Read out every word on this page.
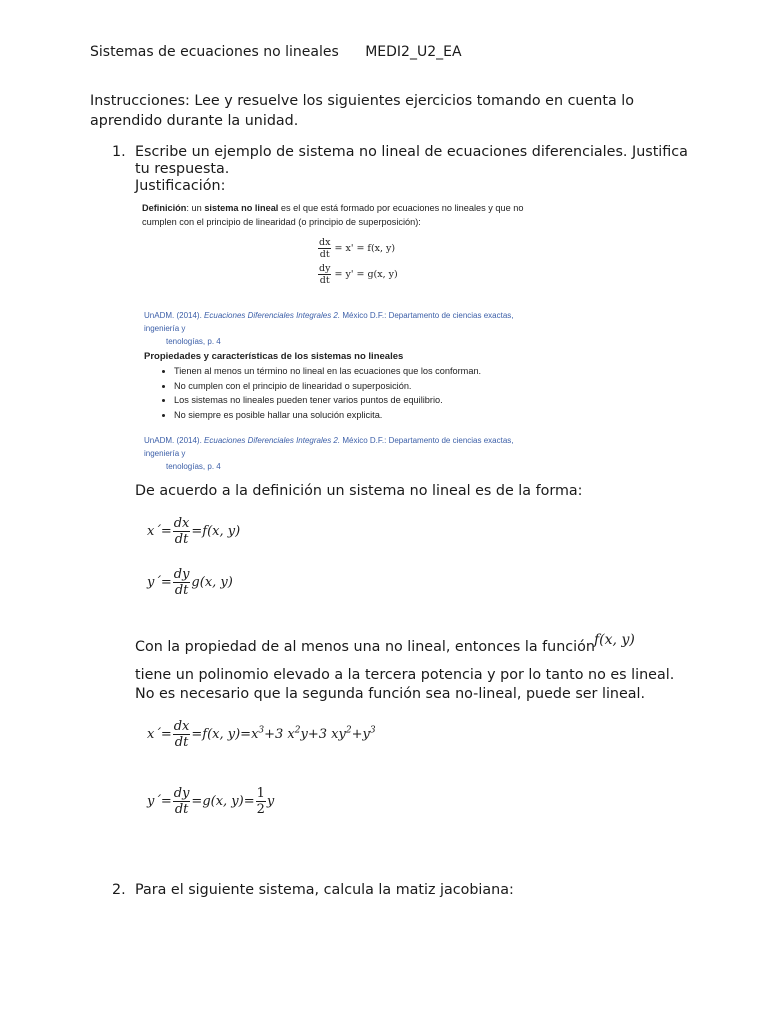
Sistemas de ecuaciones no lineales MEDI2_U2_EA
Instrucciones: Lee y resuelve los siguientes ejercicios tomando en cuenta lo aprendido durante la unidad.
1. Escribe un ejemplo de sistema no lineal de ecuaciones diferenciales. Justifica
tu respuesta.
Justificación:
Definición: un sistema no lineal es el que está formado por ecuaciones no lineales y que no cumplen con el principio de linearidad (o principio de superposición):
$\frac{dx}{dt} = x' = f(x$, y)
$\frac{dy}{dt} = y' = g(x$, y)
UnADM. (2014). Ecuaciones Diferenciales Integrales 2. México D.F.: Departamento de ciencias exactas, ingeniería y
tenologías, p. 4
Propiedades y características de los sistemas no lineales
• Tienen al menos un término no lineal en las ecuaciones que los conforman.
• No cumplen con el principio de linearidad o superposición.
• Los sistemas no lineales pueden tener varios puntos de equilibrio.
• No siempre es posible hallar una solución explicita.
UnADM. (2014). Ecuaciones Diferenciales Integrales 2. México D.F.: Departamento de ciencias exactas, ingeniería y
tenologías, p. 4
De acuerdo a la definición un sistema no lineal es de la forma:
x´= $\frac{dx}{dt} =f(x$, y)
y´= $\frac{dy}{dt} g(x$, y)
Con la propiedad de al menos una no lineal, entonces la función f(x, y)
tiene un polinomio elevado a la tercera potencia y por lo tanto no es lineal.
No es necesario que la segunda función sea no-lineal, puede ser lineal.
x´= $\frac{dx}{dt} =f(x$, $y)=x^3+3$ $x^2y+3$ $xy^2+y^3$
y´= $\frac{dy}{dt} =g(x$, $y)= \frac{1}{2}$ y
2. Para el siguiente sistema, calcula la matiz jacobiana:
